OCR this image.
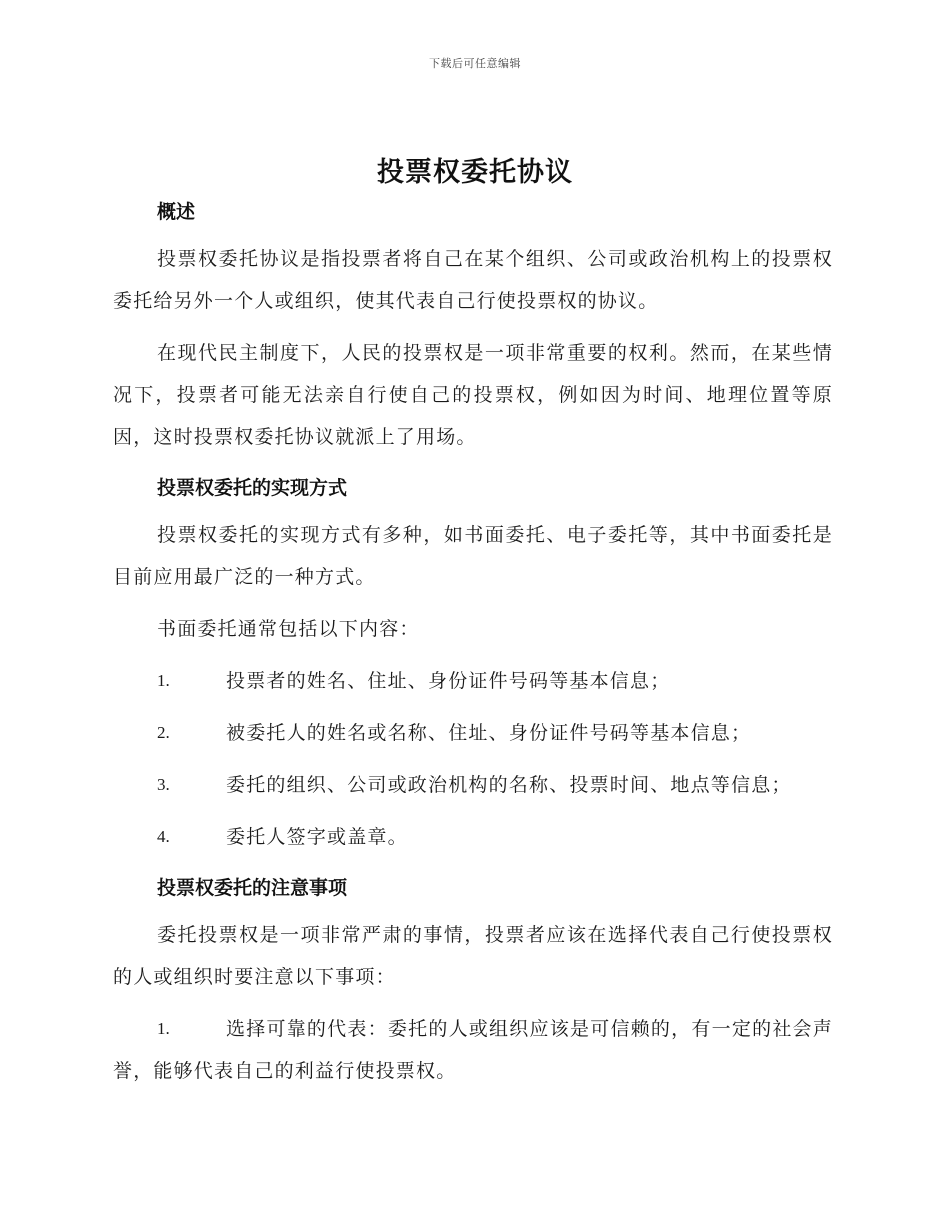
下载后可任意编辑
投票权委托协议
概述

投票权委托协议是指投票者将自己在某个组织、公司或政治机构上的投票权委托给另外一个人或组织，使其代表自己行使投票权的协议。

在现代民主制度下，人民的投票权是一项非常重要的权利。然而，在某些情况下，投票者可能无法亲自行使自己的投票权，例如因为时间、地理位置等原因，这时投票权委托协议就派上了用场。

投票权委托的实现方式

投票权委托的实现方式有多种，如书面委托、电子委托等，其中书面委托是目前应用最广泛的一种方式。

书面委托通常包括以下内容：

1.	投票者的姓名、住址、身份证件号码等基本信息；

2.	被委托人的姓名或名称、住址、身份证件号码等基本信息；

3.	委托的组织、公司或政治机构的名称、投票时间、地点等信息；

4.	委托人签字或盖章。

投票权委托的注意事项

委托投票权是一项非常严肃的事情，投票者应该在选择代表自己行使投票权的人或组织时要注意以下事项：

1.	选择可靠的代表：委托的人或组织应该是可信赖的，有一定的社会声誉，能够代表自己的利益行使投票权。
